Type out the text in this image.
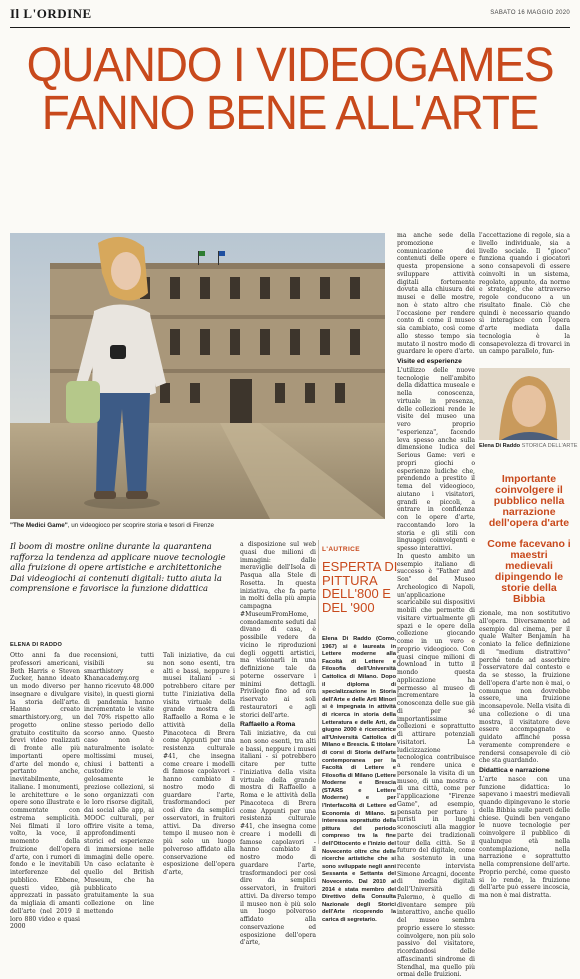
Il L'ORDINE	SABATO 16 MAGGIO 2020
QUANDO I VIDEOGAMES
FANNO BENE ALL'ARTE
"The Medici Game", un videogioco per scoprire storia e tesori di Firenze
Elena Di Raddo STORICA DELL'ARTE
Importante coinvolgere il pubblico nella narrazione dell'opera d'arte
Come facevano i maestri medievali dipingendo le storie della Bibbia
Il boom di mostre online durante la quarantena rafforza la tendenza ad applicare nuove tecnologie alla fruizione di opere artistiche e architettoniche Dai videogiochi ai contenuti digitali: tutto aiuta la comprensione e favorisce la funzione didattica
ELENA DI RADDO
Otto anni fa due professori americani, Beth Harris e Steven Zucker, hanno ideato un modo diverso per insegnare e divulgare la storia dell'arte. Hanno creato smarthistory.org, un progetto online gratuito costituito da brevi video realizzati di fronte alle più importanti opere d'arte del mondo e, pertanto anche, inevitabilmente, italiane. I monumenti, le architetture e le opere sono illustrate e commentate con estrema semplicità. Nei filmati il loro volto, la voce, il momento della fruizione dell'opera d'arte, con i rumori di fondo e le inevitabili interferenze del pubblico. Ebbene, questi video, già apprezzati in passato da migliaia di amanti dell'arte (nel 2019 il loro 880 video e quasi 2000
recensioni, tutti visibili su smarthistory e Khanacademy.org hanno ricevuto 48.000 visite), in questi giorni di pandemia hanno incrementato le visite del 70% rispetto allo stesso periodo dello scorso anno. Questo caso non è naturalmente isolato: moltissimi musei, chiusi i battenti a custodire gelosamente le preziose collezioni, si sono organizzati con le loro risorse digitali, dai social alle app, ai MOOC culturali, per offrire visite a tema, approfondimenti storici ed esperienze di immersione nelle immagini delle opere. Un caso eclatante è quello del British Museum, che ha pubblicato gratuitamente la sua collezione on line mettendo

a disposizione sul web quasi due milioni di immagini: dalle meraviglie dell'Isola di Pasqua alla Stele di Rosetta. In questa iniziativa, che fa parte in molti della più ampia campagna #MuseumFromHome, comodamente seduti dal divano di casa, è possibile vedere da vicino le riproduzioni degli oggetti artistici, ma visionarli in una definizione tale da poterne osservare i minimi dettagli. Privilegio fino ad ora riservato ai soli restauratori e agli storici dell'arte.

Raffaello a Roma

Tali iniziative, da cui non sono esenti, tra alti e bassi, neppure i musei italiani - si potrebbero citare per tutte l'iniziativa della visita virtuale della grande mostra di Raffaello a Roma e le attività della Pinacoteca di Brera come Appunti per una resistenza culturale #41, che insegna come creare i modelli di famose capolavori - hanno cambiato il nostro modo di guardare l'arte, trasformandoci per così dire da semplici osservatori, in fruitori attivi. Da diverso tempo il museo non è più solo un luogo polveroso affidato alla conservazione ed esposizione dell'opera d'arte,

Tali iniziative, da cui non sono esenti, tra alti e bassi, neppure i musei italiani - si potrebbero citare per tutte l'iniziativa della visita virtuale della grande mostra di Raffaello a Roma e le attività della Pinacoteca di Brera come Appunti per una resistenza culturale #41, che insegna come creare i modelli di famose capolavori - hanno cambiato il nostro modo di guardare l'arte, trasformandoci per così dire da semplici osservatori, in fruitori attivi. Da diverso tempo il museo non è più solo un luogo polveroso affidato alla conservazione ed esposizione dell'opera d'arte,
L'AUTRICE
ESPERTA DI PITTURA DELL'800 E DEL '900
Elena Di Raddo (Como, 1967) si è laureata in Lettere moderne alla Facoltà di Lettere e Filosofia dell'Università Cattolica di Milano. Dopo il diploma di specializzazione in Storia dell'Arte e delle Arti Minori si è impegnata in attività di ricerca in storia della Letteratura e delle Arti, da giugno 2000 è ricercatrice all'Università Cattolica di Milano e Brescia. È titolare di corsi di Storia dell'arte contemporanea per la Facoltà di Lettere e Filosofia di Milano (Lettere Moderne e Brescia (STARS e Lettere Moderne) e per l'Interfacoltà di Lettere ed Economia di Milano. Si interessa soprattutto della pittura del periodo compreso tra la fine dell'Ottocento e l'inizio del Novecento oltre che delle ricerche artistiche che si sono sviluppate negli anni Sessanta e Settanta del Novecento. Dal 2010 al 2014 è stata membro del Direttivo della Consulta Nazionale degli Storici dell'Arte ricoprendo la carica di segretario.

ma anche sede della promozione e comunicazione dei contenuti delle opere e questa propensione a sviluppare attività digitali fortemente dovuta alla chiusura dei musei e delle mostre, non è stato altro che l'occasione per rendere conto di come il museo sia cambiato, così come allo stesso tempo sia mutato il nostro modo di guardare le opere d'arte.

Visite ed esperienze

L'utilizzo delle nuove tecnologie nell'ambito della didattica museale e nella conoscenza, virtuale in presenza, delle collezioni rende le visite del museo una vero proprio "esperienza", facendo leva spesso anche sulla dimensione ludica del Serious Game: veri e propri giochi o esperienze ludiche che, prendendo a prestito il tema del videogioco, aiutano i visitatori, grandi e piccoli, a entrare in confidenza con le opere d'arte, raccontando loro la storia e gli stili con linguaggi coinvolgenti e spesso interattivi.

In questo ambito un esempio italiano di successo è "Father and Son" del Museo Archeologico di Napoli, un'applicazione scaricabile sui dispositivi mobili che permette di visitare virtualmente gli spazi e le opere della collezione giocando come in un vero e proprio videogioco. Con quasi cinque milioni di download in tutto il mondo questa applicazione ha permesso al museo di incrementare la conoscenza delle sue già di per sé importantissime collezioni e soprattutto di attirare potenziali visitatori. La ludicizzazione tecnologica contribuisce a rendere unica e personale la visita di un museo, di una mostra o di una città, come per l'applicazione "Firenze Game", ad esempio, pensata per portare i turisti in luoghi sconosciuti alla maggior parte dei tradizionali tour della città. Se il futuro del digitale, come ha sostenuto in una recente intervista Simone Arcagni, docente di media digitali dell'Università di Palermo, è quello di diventare sempre più interattivo, anche quello del museo sembra proprio essere lo stesso: coinvolgere, non più solo passivo del visitatore, ricordandosi delle affascinanti sindrome di Stendhal, ma quello più ormai delle fruizioni.

l'accettazione di regole, sia a livello individuale, sia a livello sociale. Il "gioco" funziona quando i giocatori sono consapevoli di essere coinvolti in un sistema, regolato, appunto, da norme e strategie, che attraverso regole conducono a un risultato finale. Ciò che quindi è necessario quando si interagisce con l'opera d'arte mediata dalla tecnologia è la consapevolezza di trovarci in un campo parallelo, fun-

zionale, ma non sostitutivo all'opera. Diversamente ad esempio dal cinema, per il quale Walter Benjamin ha coniato la felice definizione di "medium distrattivo" perché tende ad assorbire l'osservatore dal contesto e da se stesso, la fruizione dell'opera d'arte non è mai, o comunque non dovrebbe essere, una fruizione inconsapevole. Nella visita di una collezione o di una mostra, il visitatore deve essere accompagnato e guidato affinché possa veramente comprendere e rendersi consapevole di ciò che sta guardando.

Didattica e narrazione

L'arte nasce con una funzione didattica: lo sapevano i maestri medievali quando dipingevano le storie della Bibbia sulle pareti delle chiese. Quindi ben vengano le nuove tecnologie per coinvolgere il pubblico di qualunque età nella contemplazione, nella narrazione e soprattutto nella comprensione dell'arte. Proprio perché, come questo si lo rende, la fruizione dell'arte può essere incoscia, ma non è mai distratta.
